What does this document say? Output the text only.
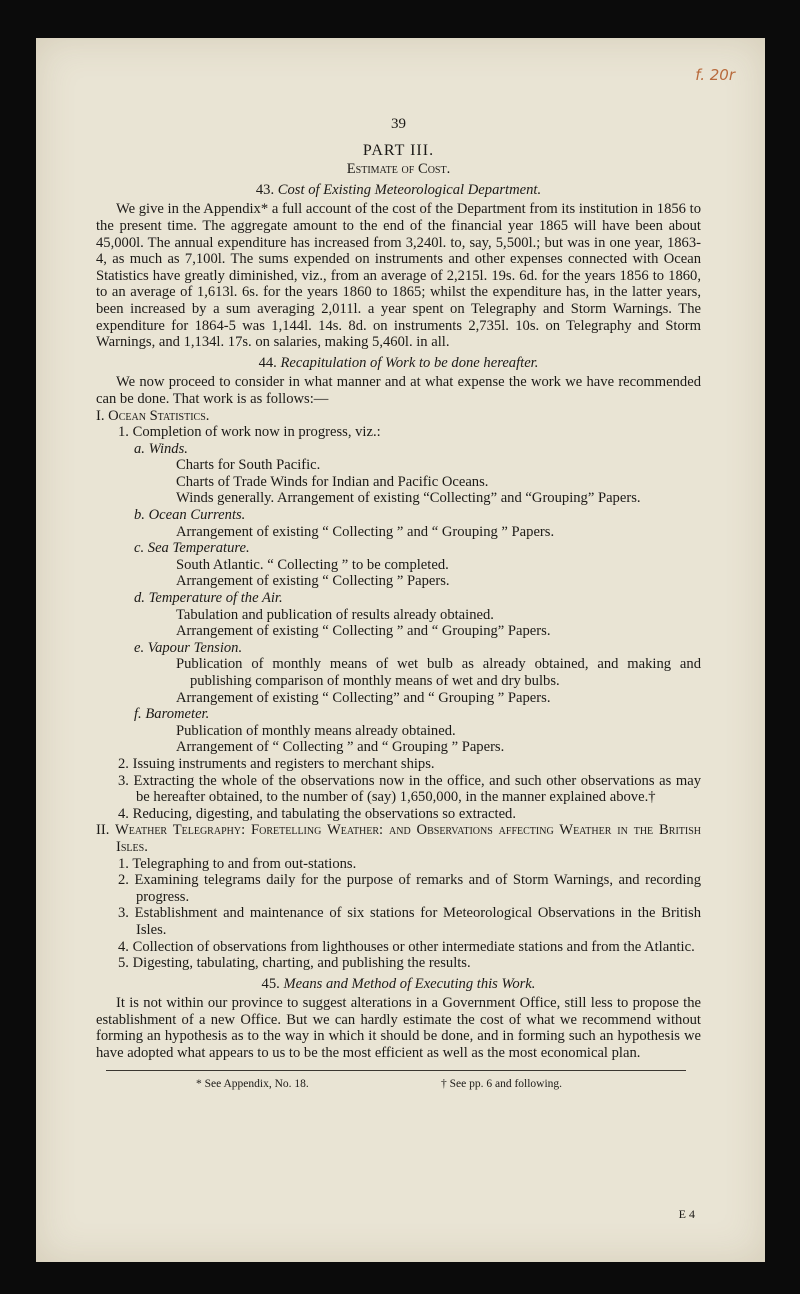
f. 20r
39
PART III.
Estimate of Cost.
43. Cost of Existing Meteorological Department.

We give in the Appendix* a full account of the cost of the Department from its institution in 1856 to the present time. The aggregate amount to the end of the financial year 1865 will have been about 45,000l. The annual expenditure has increased from 3,240l. to, say, 5,500l.; but was in one year, 1863-4, as much as 7,100l. The sums expended on instruments and other expenses connected with Ocean Statistics have greatly diminished, viz., from an average of 2,215l. 19s. 6d. for the years 1856 to 1860, to an average of 1,613l. 6s. for the years 1860 to 1865; whilst the expenditure has, in the latter years, been increased by a sum averaging 2,011l. a year spent on Telegraphy and Storm Warnings. The expenditure for 1864-5 was 1,144l. 14s. 8d. on instruments 2,735l. 10s. on Telegraphy and Storm Warnings, and 1,134l. 17s. on salaries, making 5,460l. in all.

44. Recapitulation of Work to be done hereafter.

We now proceed to consider in what manner and at what expense the work we have recommended can be done. That work is as follows:—

I. Ocean Statistics.

1. Completion of work now in progress, viz.:

a. Winds.

Charts for South Pacific.

Charts of Trade Winds for Indian and Pacific Oceans.

Winds generally. Arrangement of existing “Collecting” and “Grouping” Papers.

b. Ocean Currents.

Arrangement of existing “ Collecting ” and “ Grouping ” Papers.

c. Sea Temperature.

South Atlantic. “ Collecting ” to be completed.

Arrangement of existing “ Collecting ” Papers.

d. Temperature of the Air.

Tabulation and publication of results already obtained.

Arrangement of existing “ Collecting ” and “ Grouping” Papers.

e. Vapour Tension.

Publication of monthly means of wet bulb as already obtained, and making and publishing comparison of monthly means of wet and dry bulbs.

Arrangement of existing “ Collecting” and “ Grouping ” Papers.

f. Barometer.

Publication of monthly means already obtained.

Arrangement of “ Collecting ” and “ Grouping ” Papers.

2. Issuing instruments and registers to merchant ships.

3. Extracting the whole of the observations now in the office, and such other observations as may be hereafter obtained, to the number of (say) 1,650,000, in the manner explained above.†

4. Reducing, digesting, and tabulating the observations so extracted.

II. Weather Telegraphy: Foretelling Weather: and Observations affecting Weather in the British Isles.

1. Telegraphing to and from out-stations.

2. Examining telegrams daily for the purpose of remarks and of Storm Warnings, and recording progress.

3. Establishment and maintenance of six stations for Meteorological Observations in the British Isles.

4. Collection of observations from lighthouses or other intermediate stations and from the Atlantic.

5. Digesting, tabulating, charting, and publishing the results.

45. Means and Method of Executing this Work.

It is not within our province to suggest alterations in a Government Office, still less to propose the establishment of a new Office. But we can hardly estimate the cost of what we recommend without forming an hypothesis as to the way in which it should be done, and in forming such an hypothesis we have adopted what appears to us to be the most efficient as well as the most economical plan.

* See Appendix, No. 18.	† See pp. 6 and following.
E 4
